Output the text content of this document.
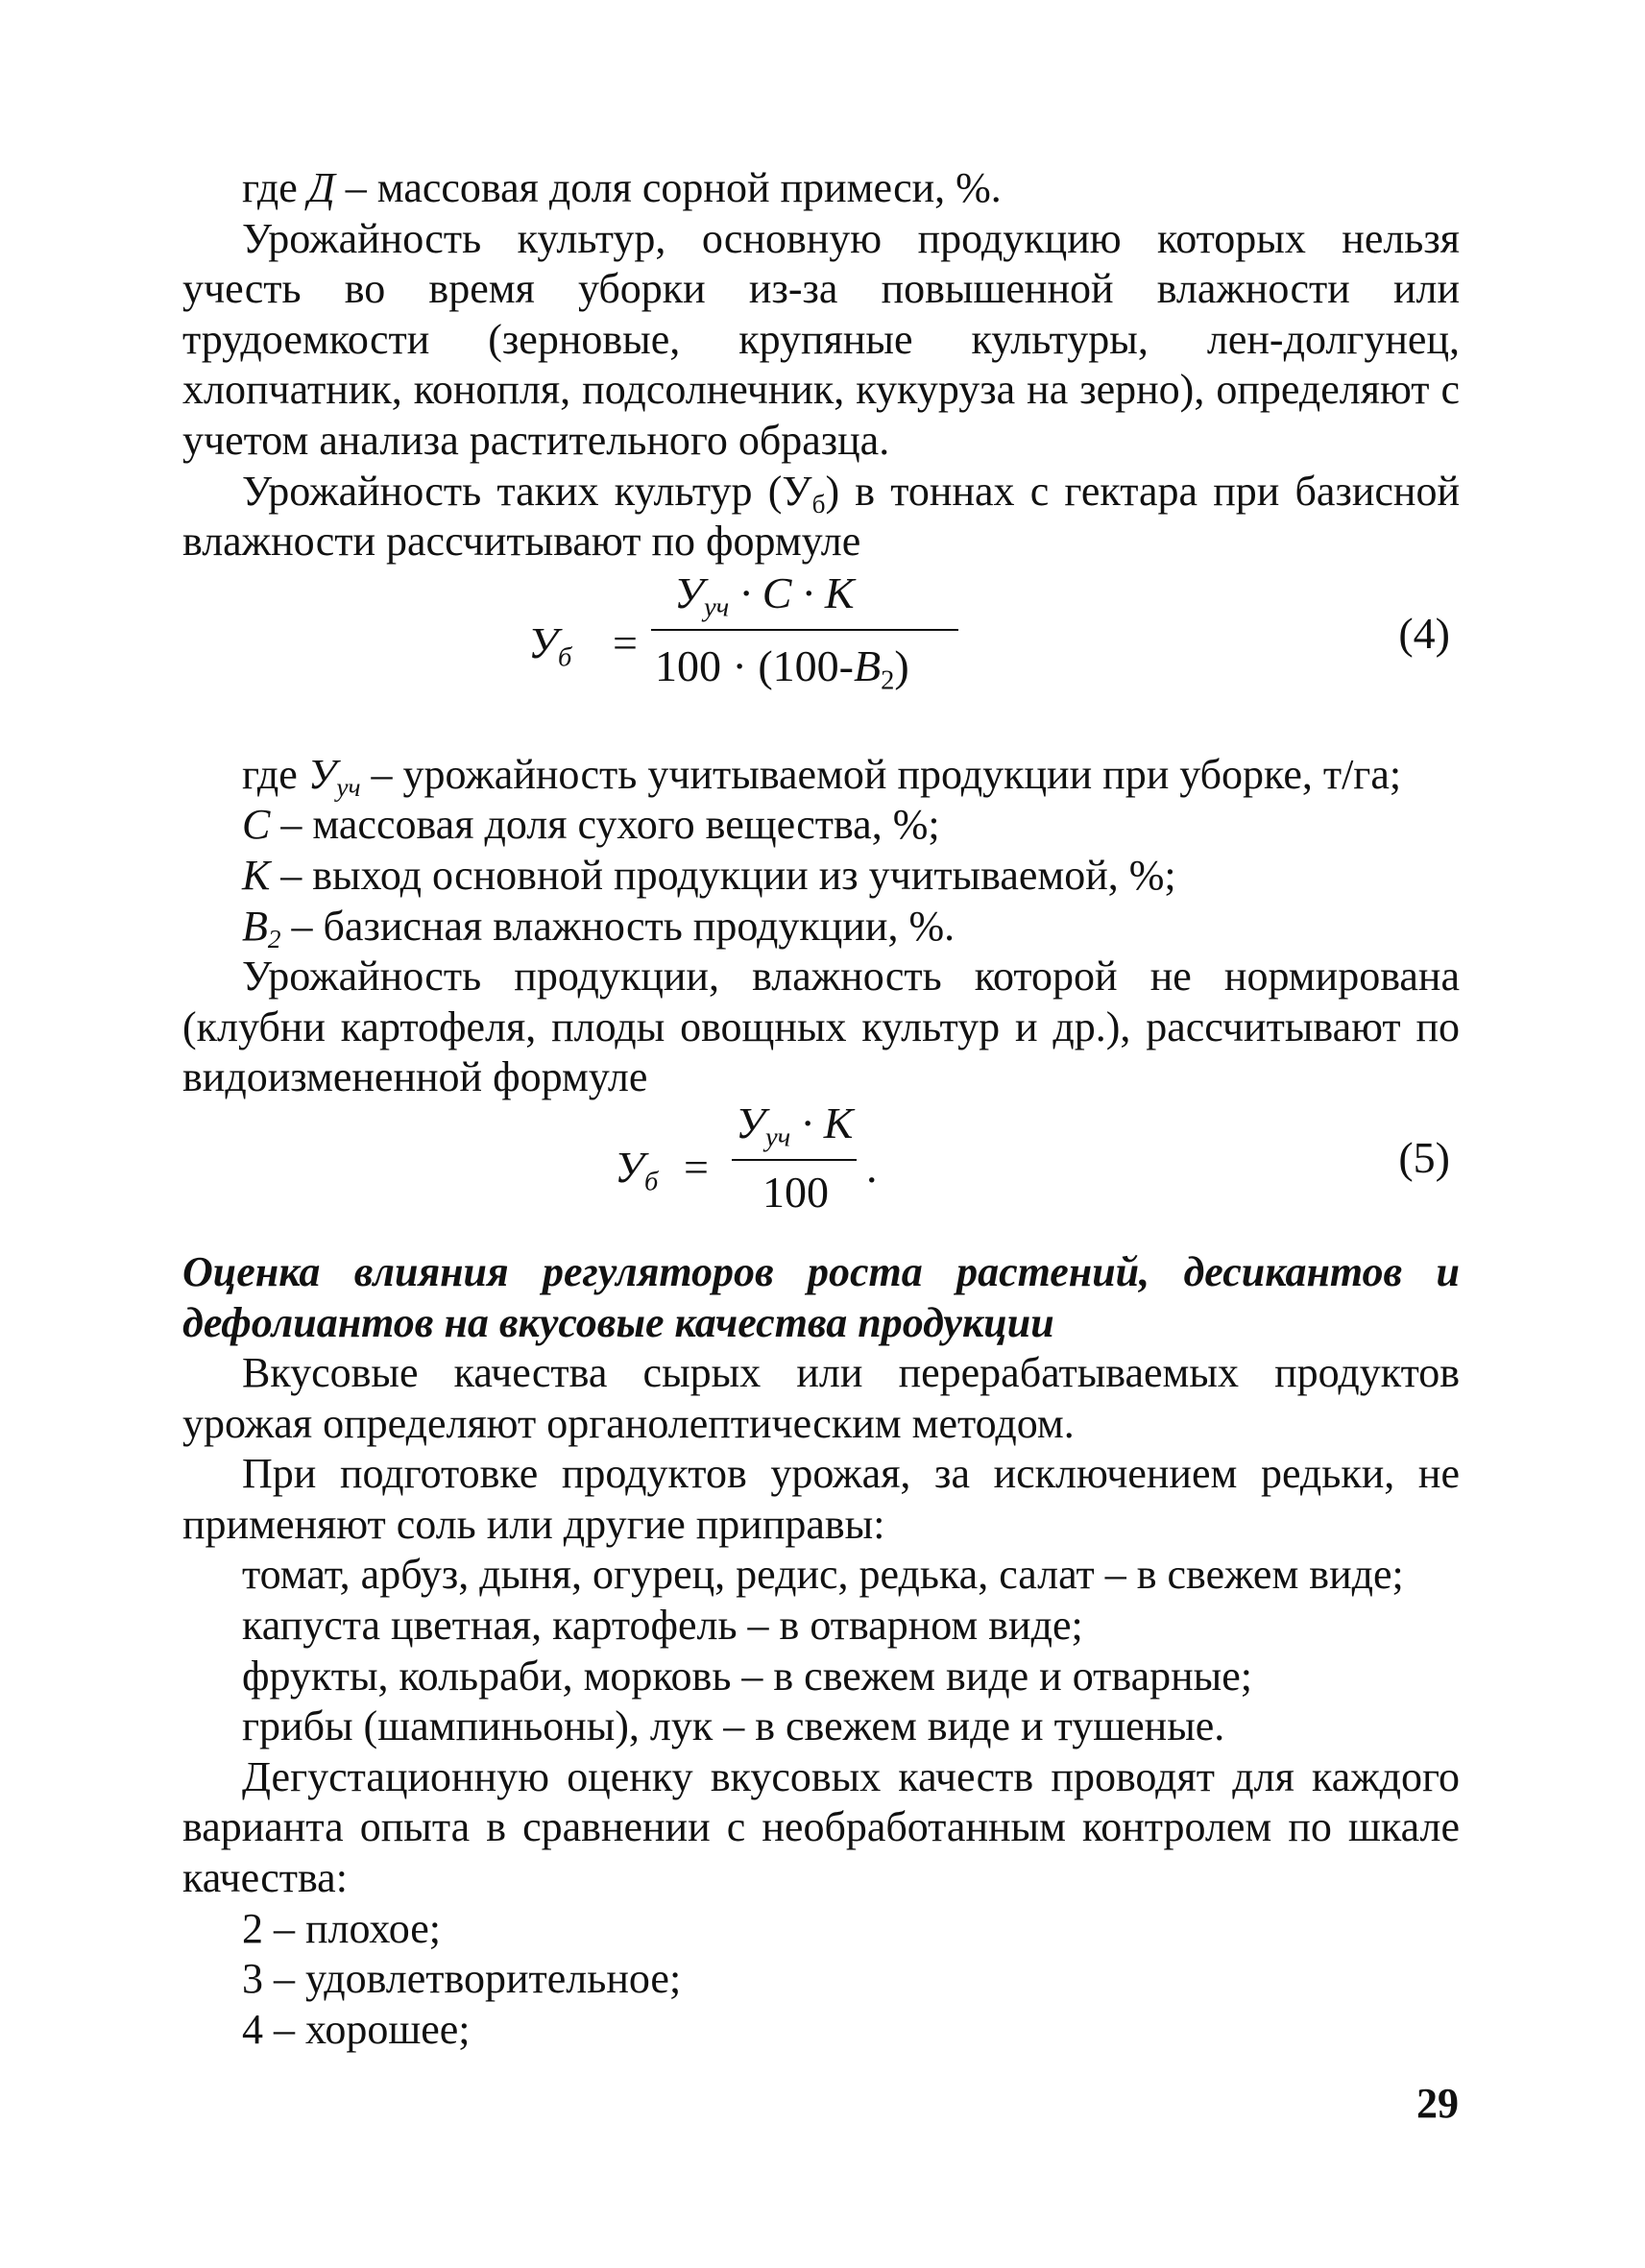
где Д – массовая доля сорной примеси, %.

Урожайность культур, основную продукцию которых нельзя учесть во время уборки из-за повышенной влажности или трудоемкости (зерновые, крупяные культуры, лен-долгунец, хлопчатник, конопля, подсолнечник, кукуруза на зерно), определяют с учетом анализа растительного образца.

Урожайность таких культур $(У_б)$ в тоннах с гектара при базисной влажности рассчитывают по формуле

$У_б$ =
$У_{уч} \cdot C \cdot K$
$100 \cdot (100-B_2)$
(4)

где $У_{уч}$ – урожайность учитываемой продукции при уборке, т/га;

С – массовая доля сухого вещества, %;

К – выход основной продукции из учитываемой, %;

$В_2$ – базисная влажность продукции, %.

Урожайность продукции, влажность которой не нормирована (клубни картофеля, плоды овощных культур и др.), рассчитывают по видоизмененной формуле

$У_б$ =
$У_{уч} \cdot К$
100
.	(5)
Оценка влияния регуляторов роста растений, десикантов и дефолиантов на вкусовые качества продукции

Вкусовые качества сырых или перерабатываемых продуктов урожая определяют органолептическим методом.

При подготовке продуктов урожая, за исключением редьки, не применяют соль или другие приправы:

томат, арбуз, дыня, огурец, редис, редька, салат – в свежем виде;

капуста цветная, картофель – в отварном виде;

фрукты, кольраби, морковь – в свежем виде и отварные;

грибы (шампиньоны), лук – в свежем виде и тушеные.

Дегустационную оценку вкусовых качеств проводят для каждого варианта опыта в сравнении с необработанным контролем по шкале качества:

2 – плохое;

3 – удовлетворительное;

4 – хорошее;

29
